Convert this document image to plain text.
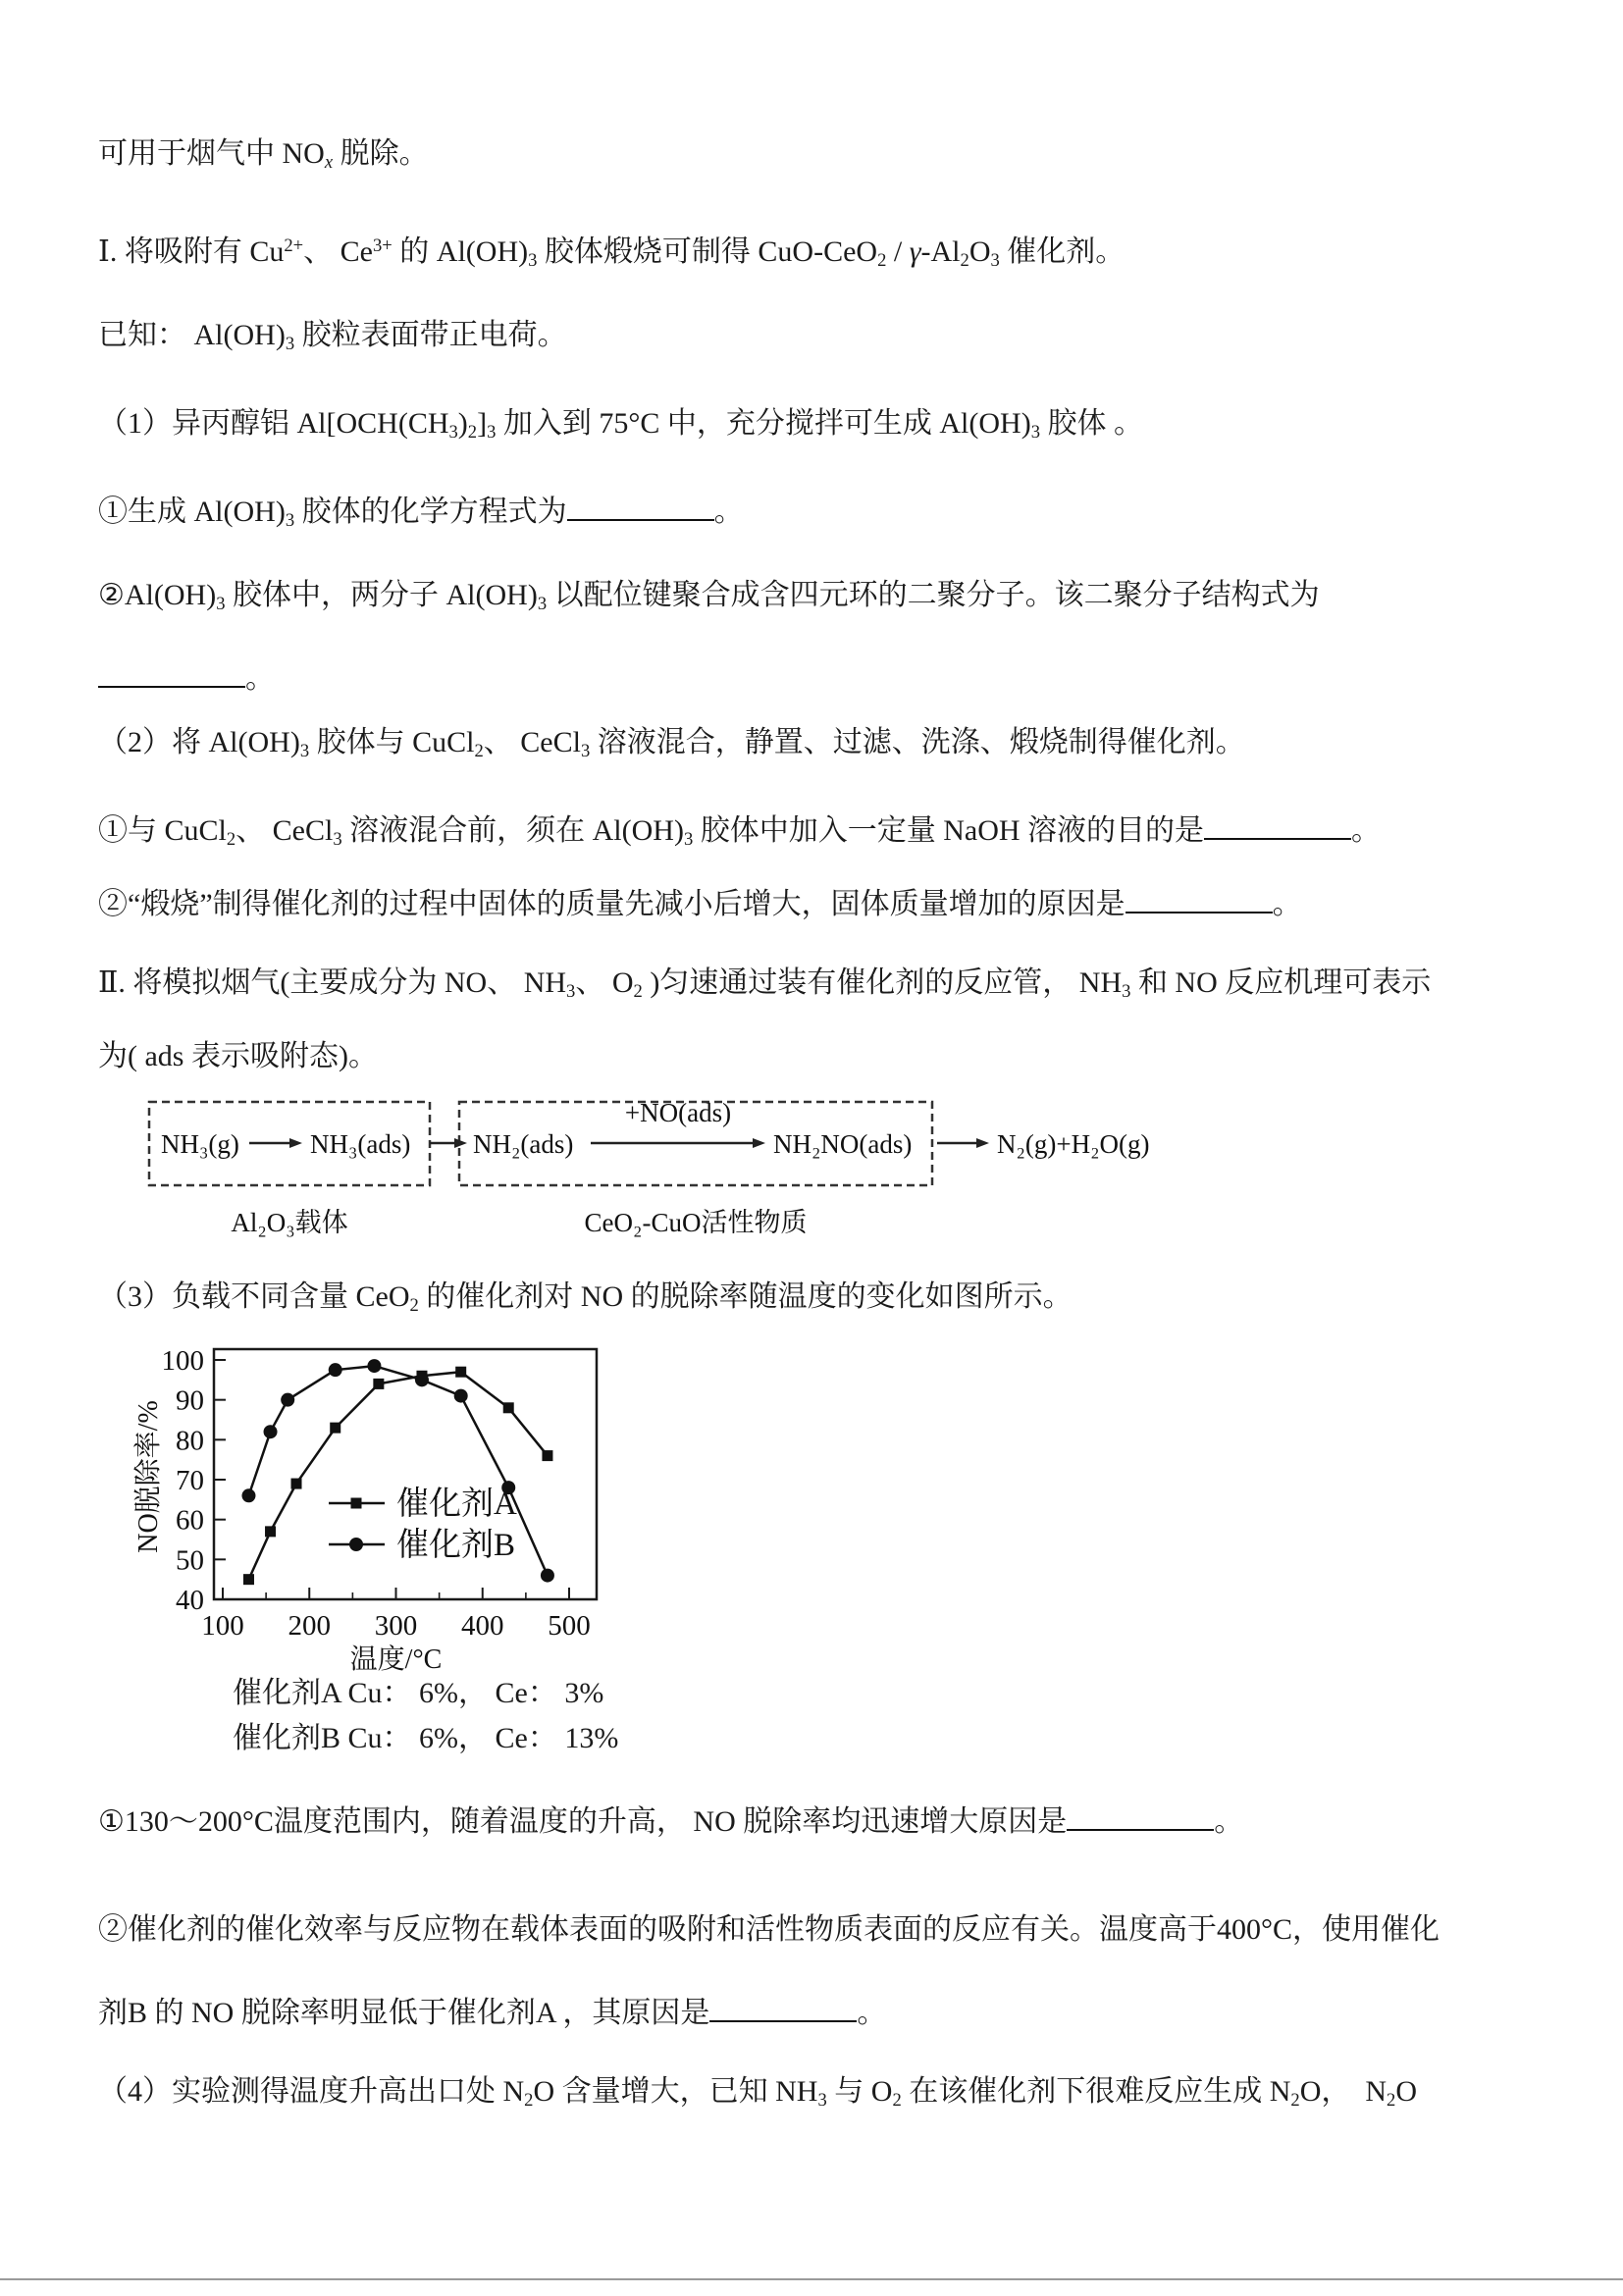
可用于烟气中 NOx 脱除。
Ⅰ. 将吸附有 $Cu^{2+}$、 $Ce^{3+}$ 的 $Al(OH)_3$ 胶体煅烧可制得 $CuO-CeO_2 / \gamma-Al_2O_3$ 催化剂。
已知： $Al(OH)_3$ 胶粒表面带正电荷。
（1）异丙醇铝 $Al[OCH(CH_3)_2]_3$ 加入到 75°C 中，充分搅拌可生成 $Al(OH)_3$ 胶体 。
①生成 $Al(OH)_3$ 胶体的化学方程式为	。
$②Al(OH)_3$ 胶体中，两分子 $Al(OH)_3$ 以配位键聚合成含四元环的二聚分子。该二聚分子结构式为
。
（2）将 $Al(OH)_3$ 胶体与 CuCl$_2$、 CeCl$_3$ 溶液混合，静置、过滤、洗涤、煅烧制得催化剂。
①与 CuCl$_2$、 CeCl$_3$ 溶液混合前，须在 $Al(OH)_3$ 胶体中加入一定量 NaOH 溶液的目的是	。
②“煅烧”制得催化剂的过程中固体的质量先减小后增大，固体质量增加的原因是	。
Ⅱ. 将模拟烟气(主要成分为 NO、 $NH_3$、 $O_2$ )匀速通过装有催化剂的反应管， $NH_3$ 和 NO 反应机理可表示
为( ads 表示吸附态)。
（3）负载不同含量 CeO$_2$ 的催化剂对 NO 的脱除率随温度的变化如图所示。
①130～200°C温度范围内，随着温度的升高， NO 脱除率均迅速增大原因是	。
②催化剂的催化效率与反应物在载体表面的吸附和活性物质表面的反应有关。温度高于400°C，使用催化
剂B 的 NO 脱除率明显低于催化剂A ，其原因是	。
（4）实验测得温度升高出口处 $N_2O$ 含量增大，已知 $NH_3$ 与 $O_2$ 在该催化剂下很难反应生成 $N_2O$，  $N_2O$
NH₃(g)	NH₃(ads) NH₂(ads)
+NO(ads)
NH₂NO(ads)	N₂(g)+H₂O(g)
Al₂O₃载体	CeO₂-CuO活性物质
100 200 300 400 500
40
50
60
70
80
90
100
温度/°C
NO脱除率/%	催化剂A
催化剂B
催化剂A Cu： 6%， Ce： 3%
催化剂B Cu： 6%， Ce： 13%
